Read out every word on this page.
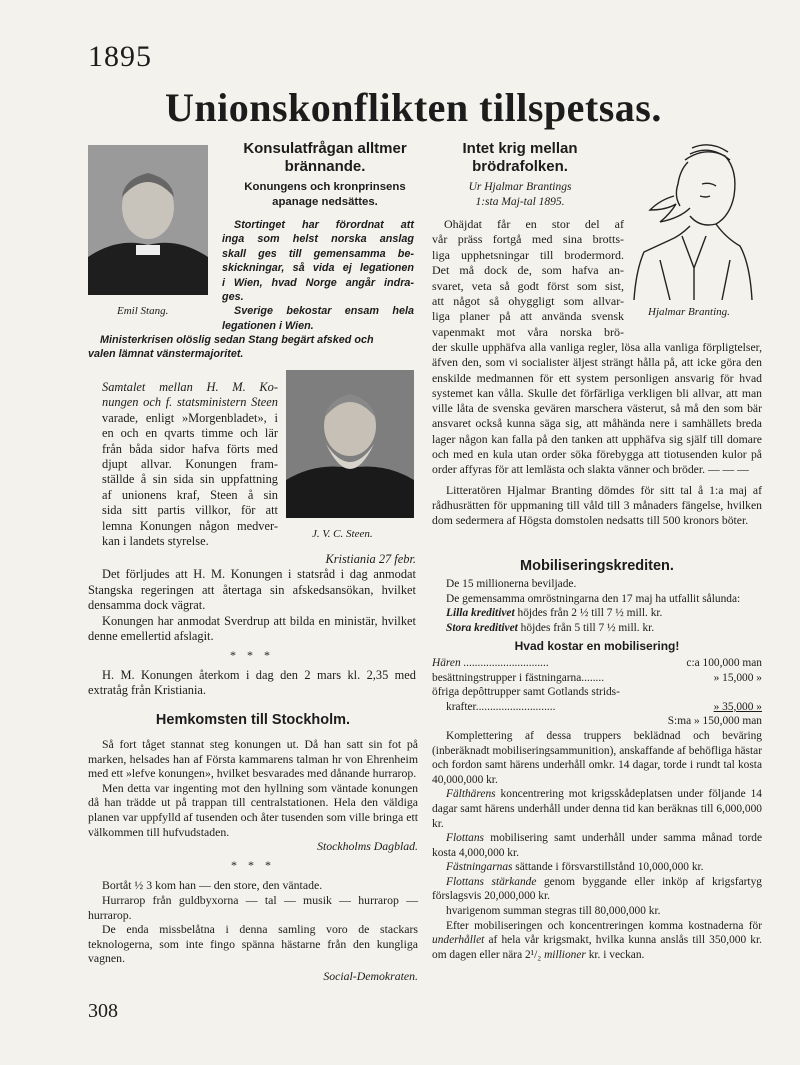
1895
Unionskonflikten tillspetsas.
Emil Stang.
Konsulatfrågan alltmer
brännande.
Konungens och kronprinsens
apanage nedsättes.
Stortinget har förordnat att
inga som helst norska anslag
skall ges till gemensamma be-
skickningar, så vida ej legationen
i Wien, hvad Norge angår indra-
ges.
Sverige bekostar ensam hela
legationen i Wien.
Ministerkrisen olöslig sedan Stang begärt afsked och
valen lämnat vänstermajoritet.
Samtalet mellan H. M. Ko-
nungen och f. statsministern Steen
varade, enligt »Morgenbladet», i
en och en qvarts timme och lär
från båda sidor hafva förts med
djupt allvar. Konungen fram-
ställde å sin sida sin uppfattning
af unionens kraf, Steen å sin
sida sitt partis villkor, för att
lemna Konungen någon medver-
kan i landets styrelse.
J. V. C. Steen.
Kristiania 27 febr.

Det förljudes att H. M. Konungen i statsråd i dag anmodat Stangska regeringen att återtaga sin afskedsansökan, hvilket densamma dock vägrat.

Konungen har anmodat Sverdrup att bilda en ministär, hvilket denne emellertid afslagit.

* * *

H. M. Konungen återkom i dag den 2 mars kl. 2,35 med extratåg från Kristiania.

Hemkomsten till Stockholm.

Så fort tåget stannat steg konungen ut. Då han satt sin fot på marken, helsades han af Första kammarens talman hr von Ehrenheim med ett »lefve konungen», hvilket besvarades med dånande hurrarop.

Men detta var ingenting mot den hyllning som väntade konungen då han trädde ut på trappan till centralstationen. Hela den väldiga planen var uppfylld af tusenden och åter tusenden som ville bringa ett välkommen till hufvudstaden.

Stockholms Dagblad.
* * *

Bortåt ½ 3 kom han — den store, den väntade.

Hurrarop från guldbyxorna — tal — musik — hurrarop — hurrarop.

De enda missbelåtna i denna samling voro de stackars teknologerna, som inte fingo spänna hästarne från den kungliga vagnen.

Social-Demokraten.
Intet krig mellan
brödrafolken.
Ur Hjalmar Brantings
1:sta Maj-tal 1895.
Hjalmar Branting.
Ohäjdat får en stor del af
vår präss fortgå med sina brotts-
liga upphetsningar till brodermord.
Det må dock de, som hafva an-
svaret, veta så godt först som sist,
att något så ohyggligt som allvar-
liga planer på att använda svensk
vapenmakt mot våra norska brö-
der skulle upphäfva alla vanliga regler, lösa alla vanliga förpligtelser, äfven den, som vi socialister äljest strängt hålla på, att icke göra den enskilde medmannen för ett system personligen ansvarig för hvad systemet kan vålla. Skulle det förfärliga verkligen bli allvar, att man ville låta de svenska gevären marschera västerut, så må den som bär ansvaret också kunna säga sig, att måhända nere i samhällets breda lager någon kan falla på den tanken att upphäfva sig själf till domare och med en kula utan order söka förebygga att tiotusenden kulor på order affyras för att lemlästa och slakta vänner och bröder. — — —

Litteratören Hjalmar Branting dömdes för sitt tal å 1:a maj af rådhusrätten för uppmaning till våld till 3 månaders fängelse, hvilken dom sedermera af Högsta domstolen nedsatts till 500 kronors böter.

Mobiliseringskrediten.

De 15 millionerna beviljade.

De gemensamma omröstningarna den 17 maj ha utfallit sålunda:

Lilla kreditivet höjdes från 2 ½ till 7 ½ mill. kr.

Stora kreditivet höjdes från 5 till 7 ½ mill. kr.

Hvad kostar en mobilisering!
Hären ..............................	c:a 100,000 man
besättningstrupper i fästningarna........	» 15,000 »
öfriga depôttrupper samt Gotlands strids-
krafter............................	» 35,000 »
S:ma » 150,000 man

Komplettering af dessa truppers beklädnad och beväring (inberäknadt mobiliseringsammunition), anskaffande af behöfliga hästar och fordon samt härens underhåll omkr. 14 dagar, torde i rundt tal kosta 40,000,000 kr.

Fälthärens koncentrering mot krigsskådeplatsen under följande 14 dagar samt härens underhåll under denna tid kan beräknas till 6,000,000 kr.

Flottans mobilisering samt underhåll under samma månad torde kosta 4,000,000 kr.

Fästningarnas sättande i försvarstillstånd 10,000,000 kr.

Flottans stärkande genom byggande eller inköp af krigsfartyg förslagsvis 20,000,000 kr.

hvarigenom summan stegras till 80,000,000 kr.

Efter mobiliseringen och koncentreringen komma kostnaderna för underhållet af hela vår krigsmakt, hvilka kunna anslås till 350,000 kr. om dagen eller nära 2¹/₂ millioner kr. i veckan.

308
